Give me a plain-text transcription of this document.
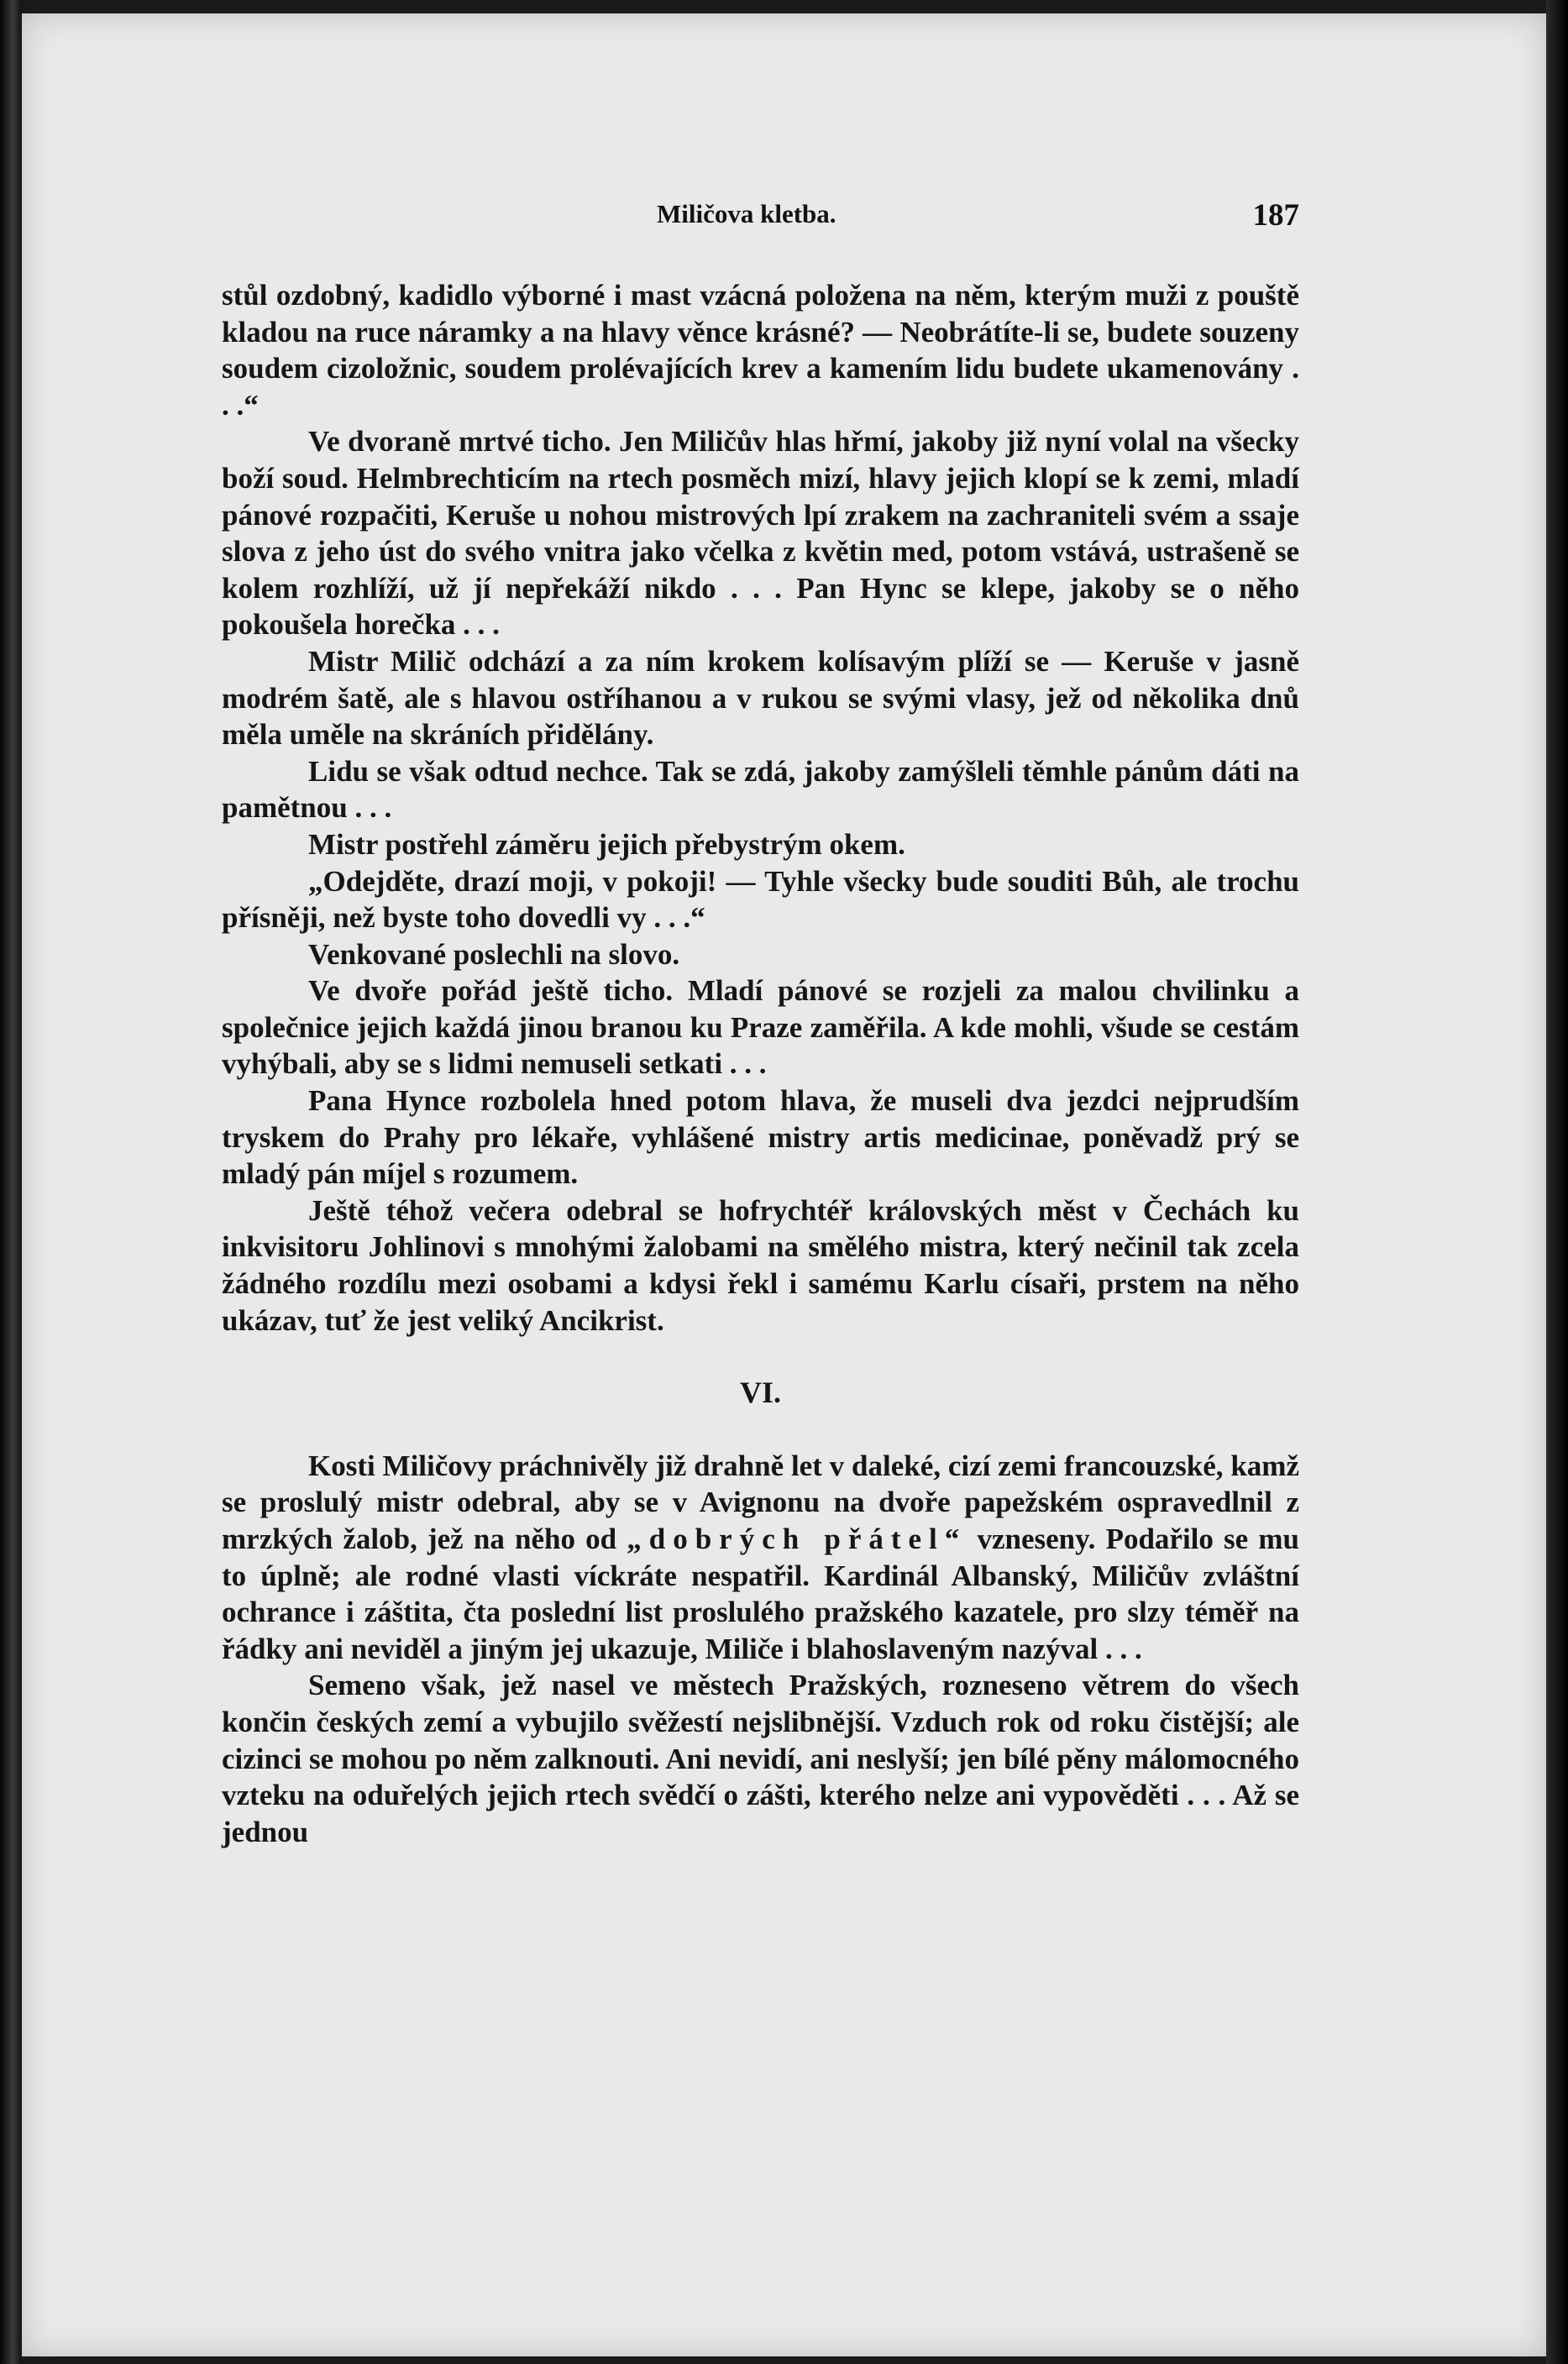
Miličova kletba.	187

stůl ozdobný, kadidlo výborné i mast vzácná položena na něm, kterým muži z pouště kladou na ruce náramky a na hlavy věnce krásné? — Neobrátíte-li se, budete souzeny soudem cizoložnic, soudem prolévajících krev a kamením lidu budete ukamenovány . . .“

Ve dvoraně mrtvé ticho. Jen Miličův hlas hřmí, jakoby již nyní volal na všecky boží soud. Helmbrechticím na rtech posměch mizí, hlavy jejich klopí se k zemi, mladí pánové rozpačiti, Keruše u nohou mistrových lpí zrakem na zachraniteli svém a ssaje slova z jeho úst do svého vnitra jako včelka z květin med, potom vstává, ustrašeně se kolem rozhlíží, už jí nepřekáží nikdo . . . Pan Hync se klepe, jakoby se o něho pokoušela horečka . . .

Mistr Milič odchází a za ním krokem kolísavým plíží se — Keruše v jasně modrém šatě, ale s hlavou ostříhanou a v rukou se svými vlasy, jež od několika dnů měla uměle na skráních přidělány.

Lidu se však odtud nechce. Tak se zdá, jakoby zamýšleli těmhle pánům dáti na pamětnou . . .

Mistr postřehl záměru jejich přebystrým okem.

„Odejděte, drazí moji, v pokoji! — Tyhle všecky bude souditi Bůh, ale trochu přísněji, než byste toho dovedli vy . . .“

Venkované poslechli na slovo.

Ve dvoře pořád ještě ticho. Mladí pánové se rozjeli za malou chvilinku a společnice jejich každá jinou branou ku Praze zaměřila. A kde mohli, všude se cestám vyhýbali, aby se s lidmi nemuseli setkati . . .

Pana Hynce rozbolela hned potom hlava, že museli dva jezdci nejprudším tryskem do Prahy pro lékaře, vyhlášené mistry artis medicinae, poněvadž prý se mladý pán míjel s rozumem.

Ještě téhož večera odebral se hofrychtéř královských měst v Čechách ku inkvisitoru Johlinovi s mnohými žalobami na smělého mistra, který nečinil tak zcela žádného rozdílu mezi osobami a kdysi řekl i samému Karlu císaři, prstem na něho ukázav, tuť že jest veliký Ancikrist.

VI.

Kosti Miličovy práchnivěly již drahně let v daleké, cizí zemi francouzské, kamž se proslulý mistr odebral, aby se v Avignonu na dvoře papežském ospravedlnil z mrzkých žalob, jež na něho od „dobrých přátel“ vzneseny. Podařilo se mu to úplně; ale rodné vlasti víckráte nespatřil. Kardinál Albanský, Miličův zvláštní ochrance i záštita, čta poslední list proslulého pražského kazatele, pro slzy téměř na řádky ani neviděl a jiným jej ukazuje, Miliče i blahoslaveným nazýval . . .

Semeno však, jež nasel ve městech Pražských, rozneseno větrem do všech končin českých zemí a vybujilo svěžestí nejslibnější. Vzduch rok od roku čistější; ale cizinci se mohou po něm zalknouti. Ani nevidí, ani neslyší; jen bílé pěny málomocného vzteku na oduřelých jejich rtech svědčí o zášti, kterého nelze ani vypověděti . . . Až se jednou
